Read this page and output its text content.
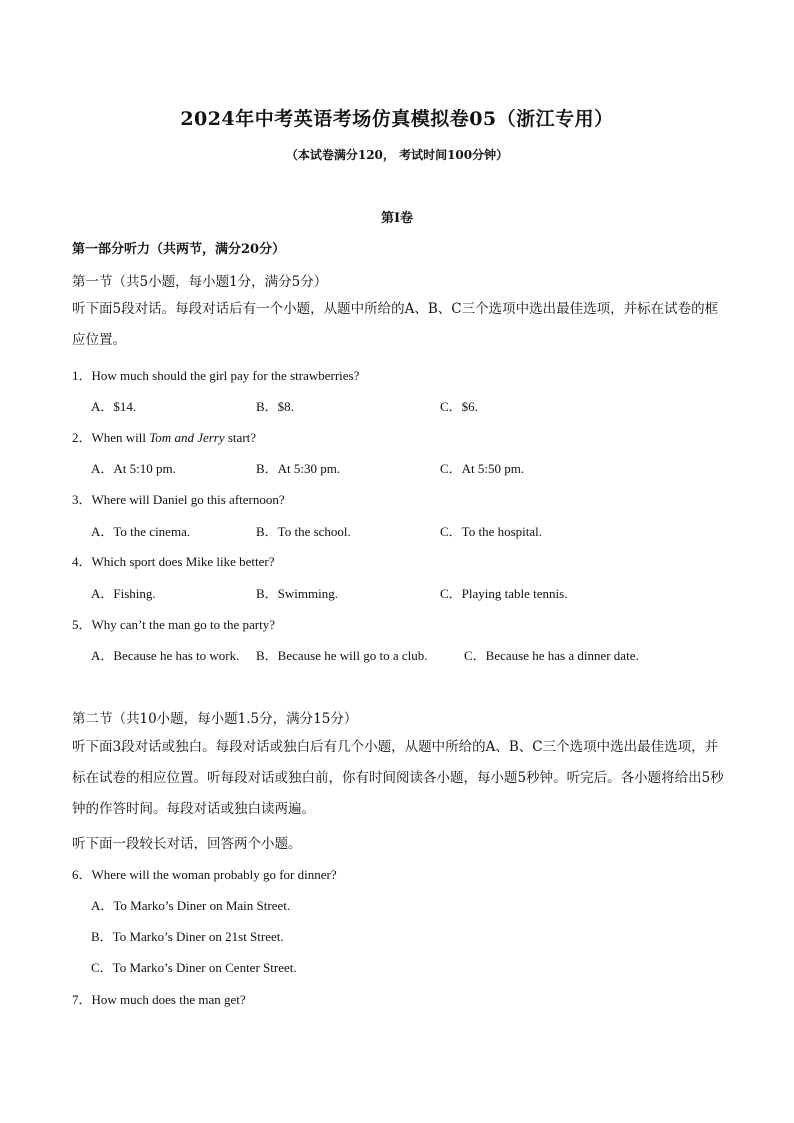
2024年中考英语考场仿真模拟卷05（浙江专用）
（本试卷满分120， 考试时间100分钟）
第I卷
第一部分听力（共两节，满分20分）
第一节（共5小题，每小题1分，满分5分）
听下面5段对话。每段对话后有一个小题，从题中所给的A、B、C三个选项中选出最佳选项，并标在试卷的框应位置。
1．How much should the girl pay for the strawberries?
A．$14.	B．$8.	C．$6.
2．When will Tom and Jerry start?
A．At 5:10 pm.	B．At 5:30 pm.	C．At 5:50 pm.
3．Where will Daniel go this afternoon?
A．To the cinema.	B．To the school.	C．To the hospital.
4．Which sport does Mike like better?
A．Fishing.	B．Swimming.	C．Playing table tennis.
5．Why can’t the man go to the party?
A．Because he has to work. B．Because he will go to a club.	C．Because he has a dinner date.
第二节（共10小题，每小题1.5分，满分15分）
听下面3段对话或独白。每段对话或独白后有几个小题，从题中所给的A、B、C三个选项中选出最佳选项，并标在试卷的相应位置。听每段对话或独白前，你有时间阅读各小题，每小题5秒钟。听完后。各小题将给出5秒钟的作答时间。每段对话或独白读两遍。
听下面一段较长对话，回答两个小题。
6．Where will the woman probably go for dinner?
A．To Marko’s Diner on Main Street.
B．To Marko’s Diner on 21st Street.
C．To Marko’s Diner on Center Street.
7．How much does the man get?
